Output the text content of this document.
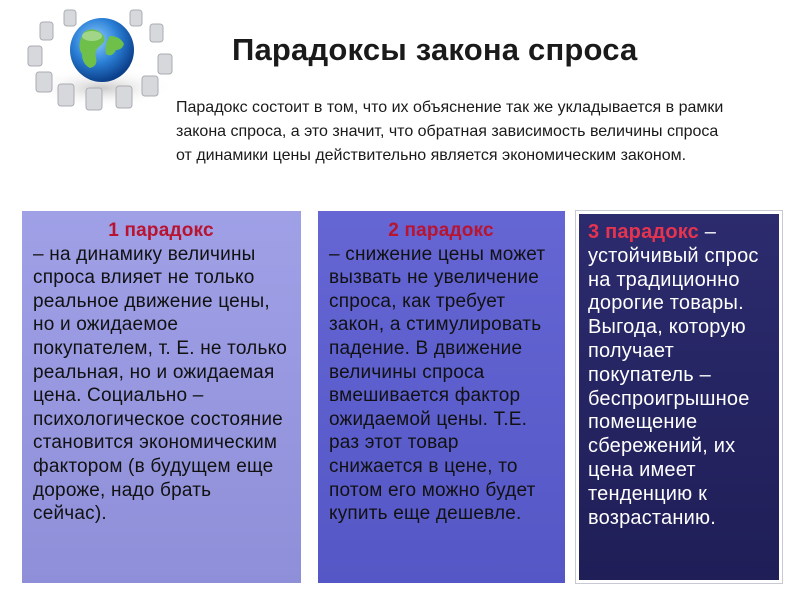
Парадоксы закона спроса
Парадокс состоит в том, что их объяснение так же укладывается в рамки закона спроса, а это значит, что обратная зависимость величины спроса от динамики цены действительно является экономическим законом.
1 парадокс
– на динамику величины спроса влияет не только реальное движение цены, но и ожидаемое покупателем, т. Е. не только реальная, но и ожидаемая цена. Социально – психологическое состояние становится экономическим фактором (в будущем еще дороже, надо брать сейчас).
2 парадокс
– снижение цены может вызвать не увеличение спроса, как требует закон, а стимулировать падение. В движение величины спроса вмешивается фактор ожидаемой цены. Т.Е. раз этот товар снижается в цене, то потом его можно будет купить еще дешевле.
3 парадокс – устойчивый спрос на традиционно дорогие товары. Выгода, которую получает покупатель – беспроигрышное помещение сбережений, их цена имеет тенденцию к возрастанию.
